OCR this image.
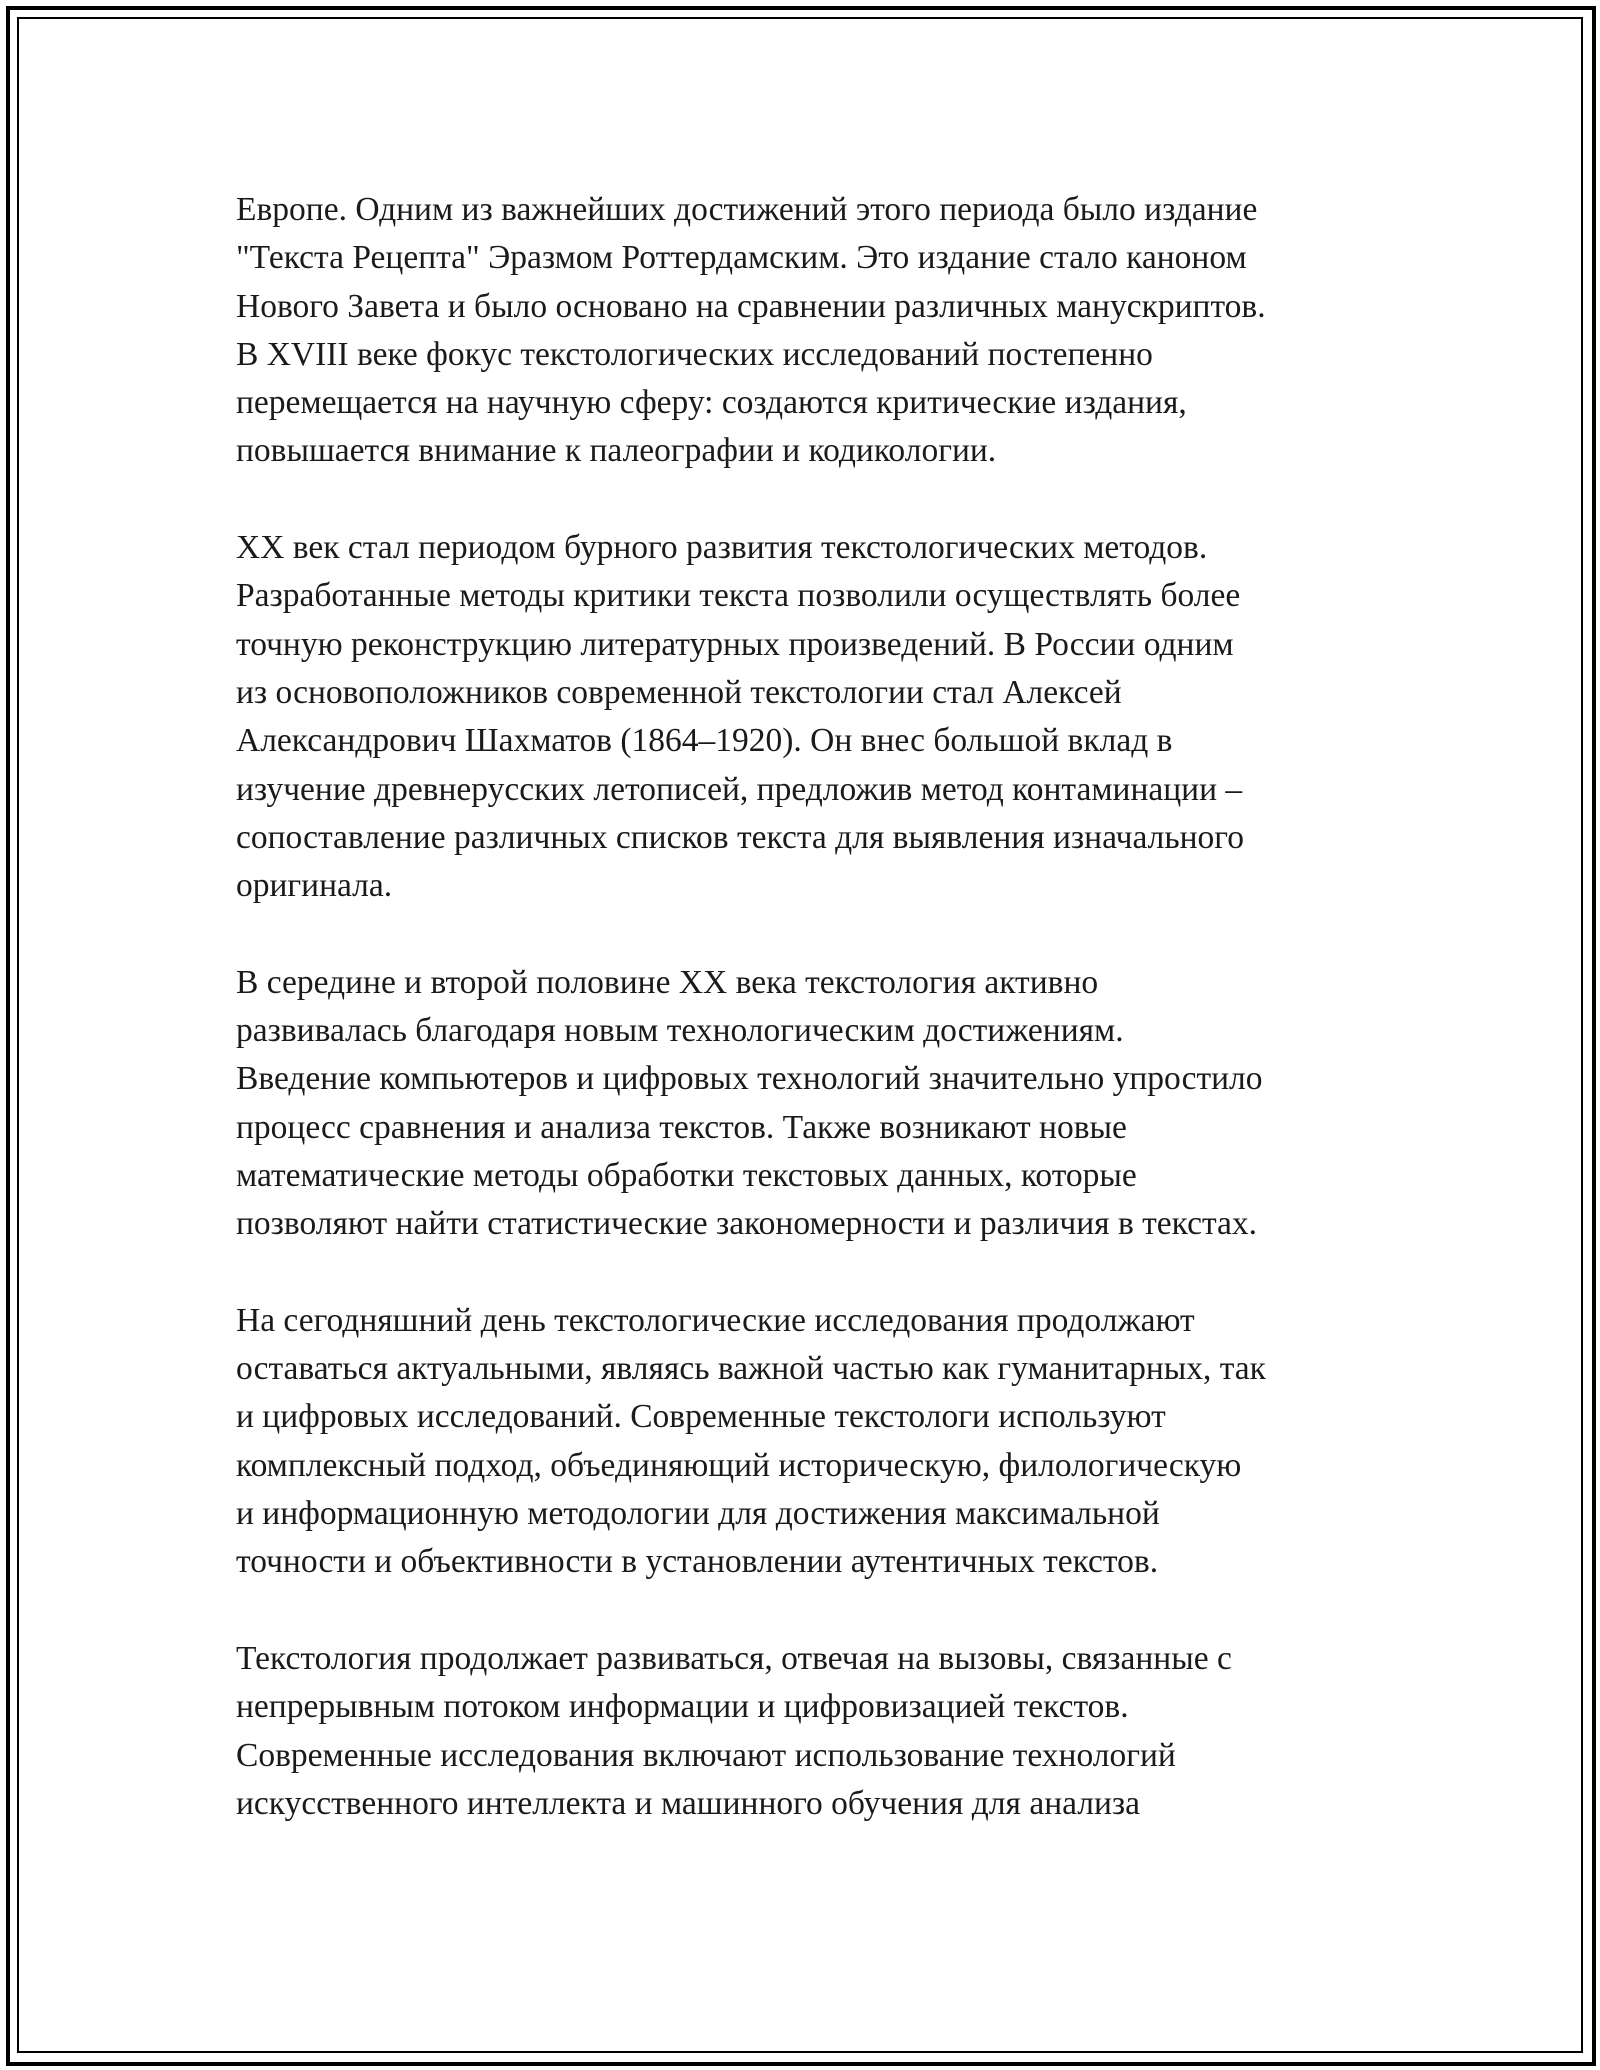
Европе. Одним из важнейших достижений этого периода было издание
"Текста Рецепта" Эразмом Роттердамским. Это издание стало каноном
Нового Завета и было основано на сравнении различных манускриптов.
В XVIII веке фокус текстологических исследований постепенно
перемещается на научную сферу: создаются критические издания,
повышается внимание к палеографии и кодикологии.
XX век стал периодом бурного развития текстологических методов.
Разработанные методы критики текста позволили осуществлять более
точную реконструкцию литературных произведений. В России одним
из основоположников современной текстологии стал Алексей
Александрович Шахматов (1864–1920). Он внес большой вклад в
изучение древнерусских летописей, предложив метод контаминации –
сопоставление различных списков текста для выявления изначального
оригинала.
В середине и второй половине XX века текстология активно
развивалась благодаря новым технологическим достижениям.
Введение компьютеров и цифровых технологий значительно упростило
процесс сравнения и анализа текстов. Также возникают новые
математические методы обработки текстовых данных, которые
позволяют найти статистические закономерности и различия в текстах.
На сегодняшний день текстологические исследования продолжают
оставаться актуальными, являясь важной частью как гуманитарных, так
и цифровых исследований. Современные текстологи используют
комплексный подход, объединяющий историческую, филологическую
и информационную методологии для достижения максимальной
точности и объективности в установлении аутентичных текстов.
Текстология продолжает развиваться, отвечая на вызовы, связанные с
непрерывным потоком информации и цифровизацией текстов.
Современные исследования включают использование технологий
искусственного интеллекта и машинного обучения для анализа
